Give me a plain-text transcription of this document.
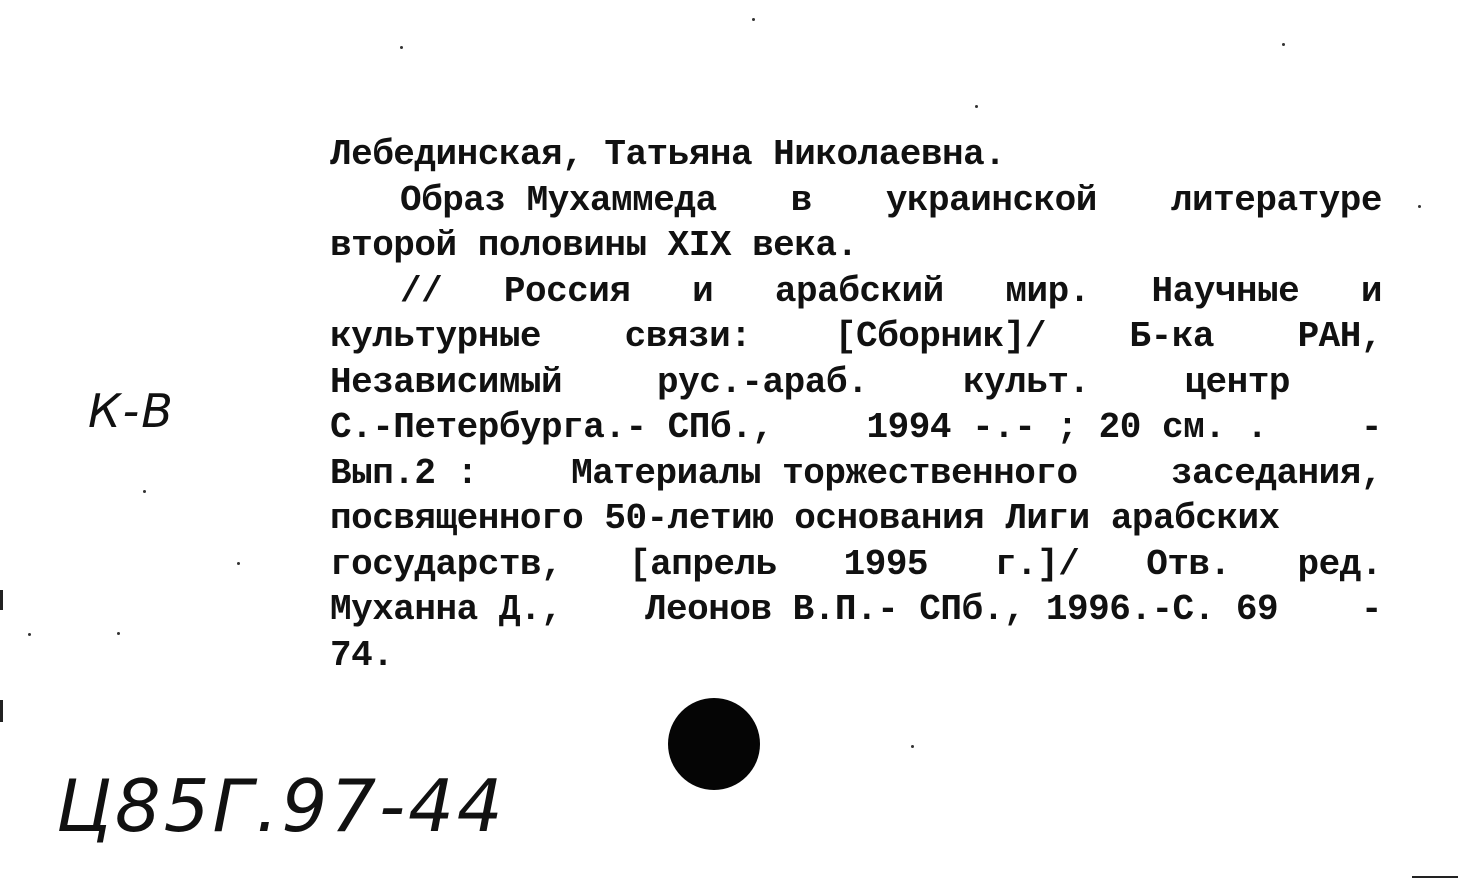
Лебединская, Татьяна Николаевна.
Образ Мухаммеда в украинской литературе
второй половины XIX века.
// Россия и арабский мир. Научные и
культурные связи: [Сборник]/ Б-ка РАН,
Независимый	рус.-араб.	культ.	центр
С.-Петербурга.- СПб.,	1994 -.- ; 20 см. .	-
Вып.2 :	Материалы торжественного	заседания,
посвященного 50-летию основания Лиги арабских
государств, [апрель 1995 г.]/ Отв. ред.
Муханна Д., Леонов В.П.- СПб., 1996.-С. 69 -
74.
К-В
Ц85Г.97-44
